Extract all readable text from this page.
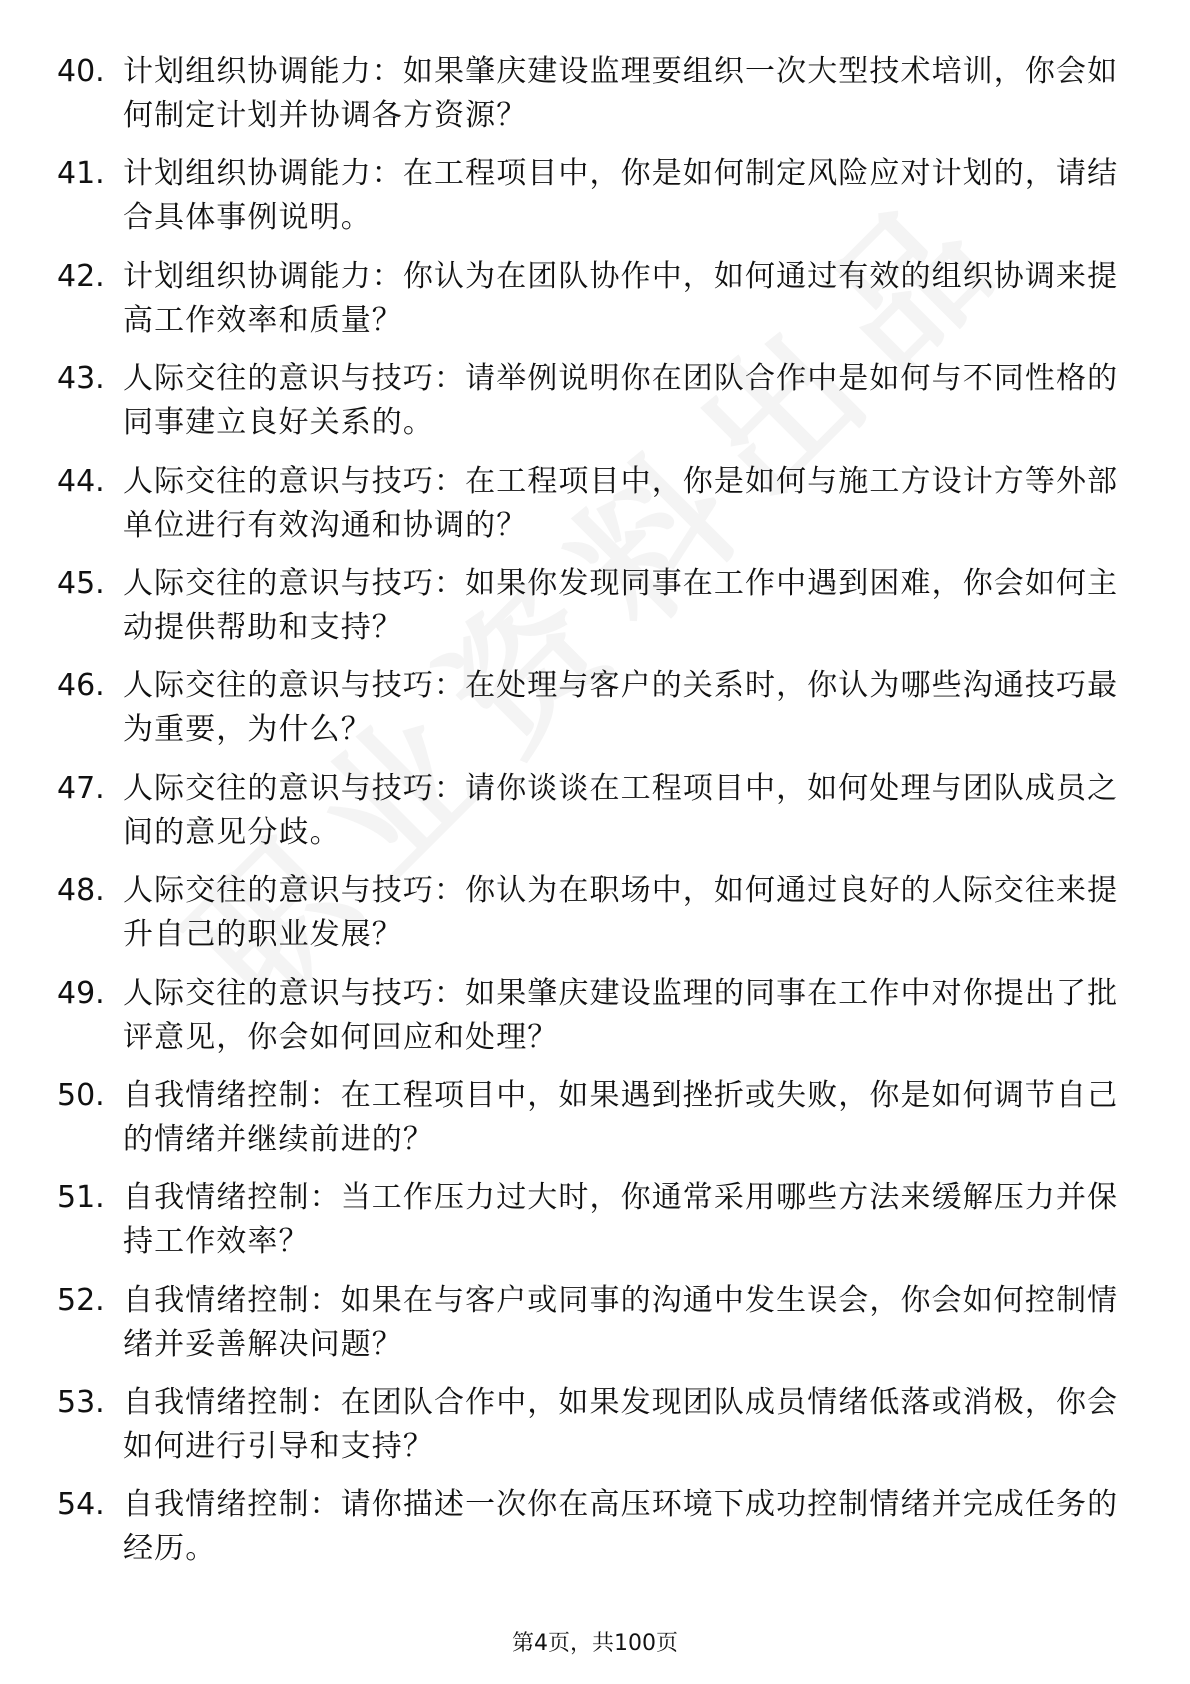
40. 计划组织协调能力：如果肇庆建设监理要组织一次大型技术培训，你会如何制定计划并协调各方资源？
41. 计划组织协调能力：在工程项目中，你是如何制定风险应对计划的，请结合具体事例说明。
42. 计划组织协调能力：你认为在团队协作中，如何通过有效的组织协调来提高工作效率和质量？
43. 人际交往的意识与技巧：请举例说明你在团队合作中是如何与不同性格的同事建立良好关系的。
44. 人际交往的意识与技巧：在工程项目中，你是如何与施工方设计方等外部单位进行有效沟通和协调的？
45. 人际交往的意识与技巧：如果你发现同事在工作中遇到困难，你会如何主动提供帮助和支持？
46. 人际交往的意识与技巧：在处理与客户的关系时，你认为哪些沟通技巧最为重要，为什么？
47. 人际交往的意识与技巧：请你谈谈在工程项目中，如何处理与团队成员之间的意见分歧。
48. 人际交往的意识与技巧：你认为在职场中，如何通过良好的人际交往来提升自己的职业发展？
49. 人际交往的意识与技巧：如果肇庆建设监理的同事在工作中对你提出了批评意见，你会如何回应和处理？
50. 自我情绪控制：在工程项目中，如果遇到挫折或失败，你是如何调节自己的情绪并继续前进的？
51. 自我情绪控制：当工作压力过大时，你通常采用哪些方法来缓解压力并保持工作效率？
52. 自我情绪控制：如果在与客户或同事的沟通中发生误会，你会如何控制情绪并妥善解决问题？
53. 自我情绪控制：在团队合作中，如果发现团队成员情绪低落或消极，你会如何进行引导和支持？
54. 自我情绪控制：请你描述一次你在高压环境下成功控制情绪并完成任务的经历。
第4页，共100页
